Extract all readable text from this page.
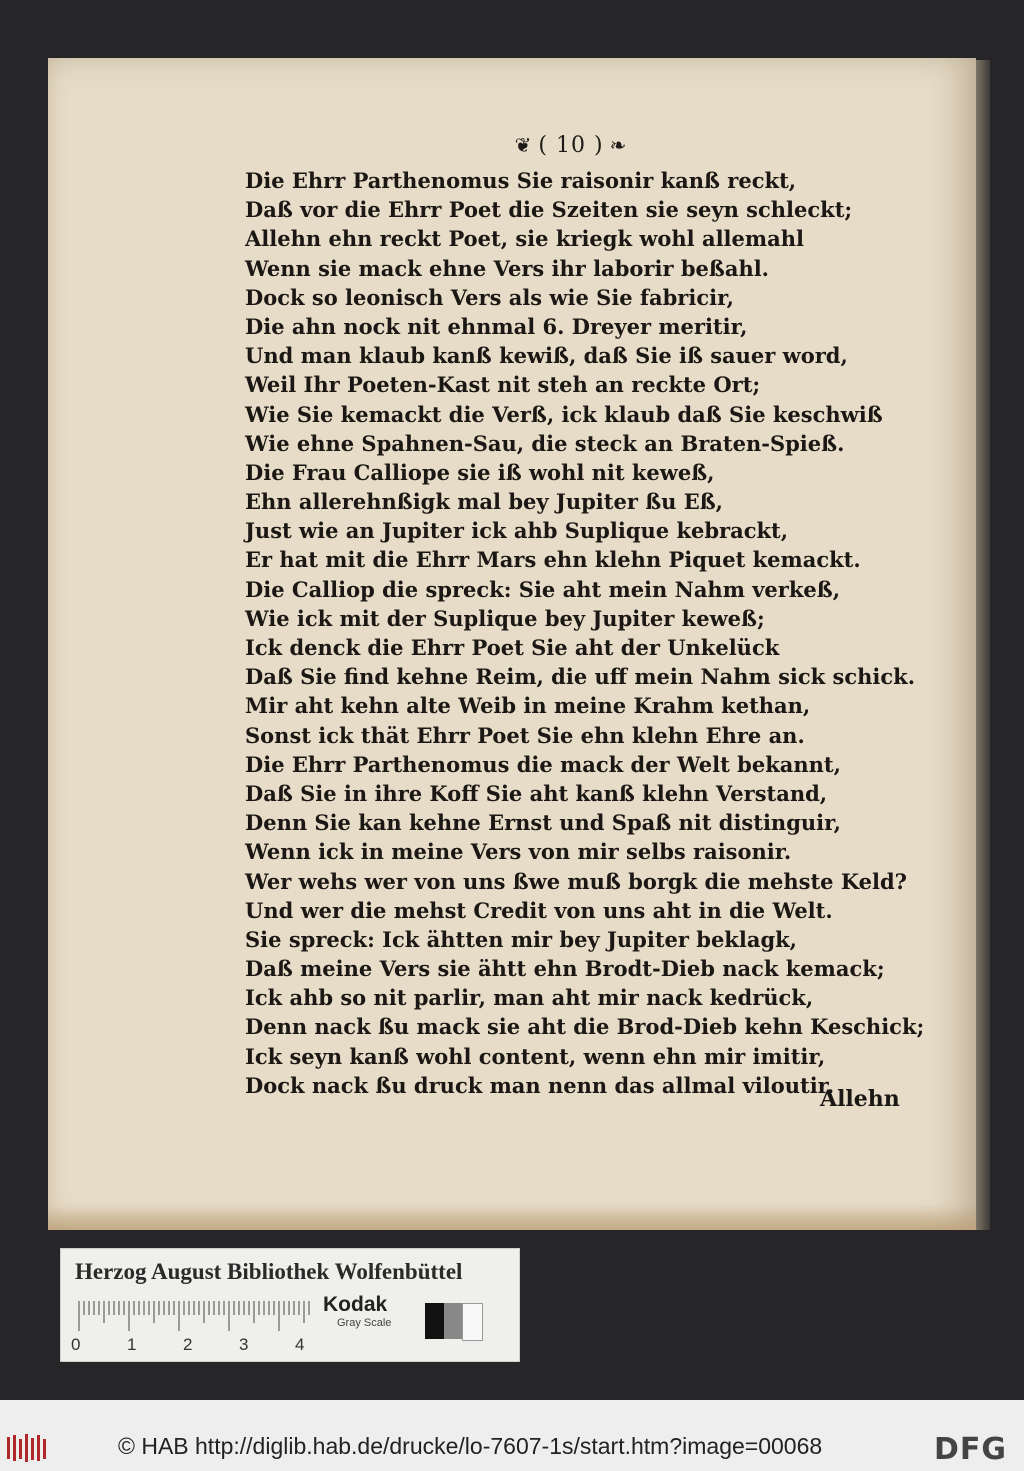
❦ ( 10 ) ❧
Die Ehrr Parthenomus Sie raisonir kanß reckt,
Daß vor die Ehrr Poet die Szeiten sie seyn schleckt;
Allehn ehn reckt Poet, sie kriegk wohl allemahl
Wenn sie mack ehne Vers ihr laborir beßahl.
Dock so leonisch Vers als wie Sie fabricir,
Die ahn nock nit ehnmal 6. Dreyer meritir,
Und man klaub kanß kewiß, daß Sie iß sauer word,
Weil Ihr Poeten-Kast nit steh an reckte Ort;
Wie Sie kemackt die Verß, ick klaub daß Sie keschwiß
Wie ehne Spahnen-Sau, die steck an Braten-Spieß.
Die Frau Calliope sie iß wohl nit keweß,
Ehn allerehnßigk mal bey Jupiter ßu Eß,
Just wie an Jupiter ick ahb Suplique kebrackt,
Er hat mit die Ehrr Mars ehn klehn Piquet kemackt.
Die Calliop die spreck: Sie aht mein Nahm verkeß,
Wie ick mit der Suplique bey Jupiter keweß;
Ick denck die Ehrr Poet Sie aht der Unkelück
Daß Sie find kehne Reim, die uff mein Nahm sick schick.
Mir aht kehn alte Weib in meine Krahm kethan,
Sonst ick thät Ehrr Poet Sie ehn klehn Ehre an.
Die Ehrr Parthenomus die mack der Welt bekannt,
Daß Sie in ihre Koff Sie aht kanß klehn Verstand,
Denn Sie kan kehne Ernst und Spaß nit distinguir,
Wenn ick in meine Vers von mir selbs raisonir.
Wer wehs wer von uns ßwe muß borgk die mehste Keld?
Und wer die mehst Credit von uns aht in die Welt.
Sie spreck: Ick ähtten mir bey Jupiter beklagk,
Daß meine Vers sie ähtt ehn Brodt-Dieb nack kemack;
Ick ahb so nit parlir, man aht mir nack kedrück,
Denn nack ßu mack sie aht die Brod-Dieb kehn Keschick;
Ick seyn kanß wohl content, wenn ehn mir imitir,
Dock nack ßu druck man nenn das allmal viloutir.
Allehn
Herzog August Bibliothek Wolfenbüttel
0	1	2	3	4
Kodak
Gray Scale
© HAB http://diglib.hab.de/drucke/lo-7607-1s/start.htm?image=00068	DFG
